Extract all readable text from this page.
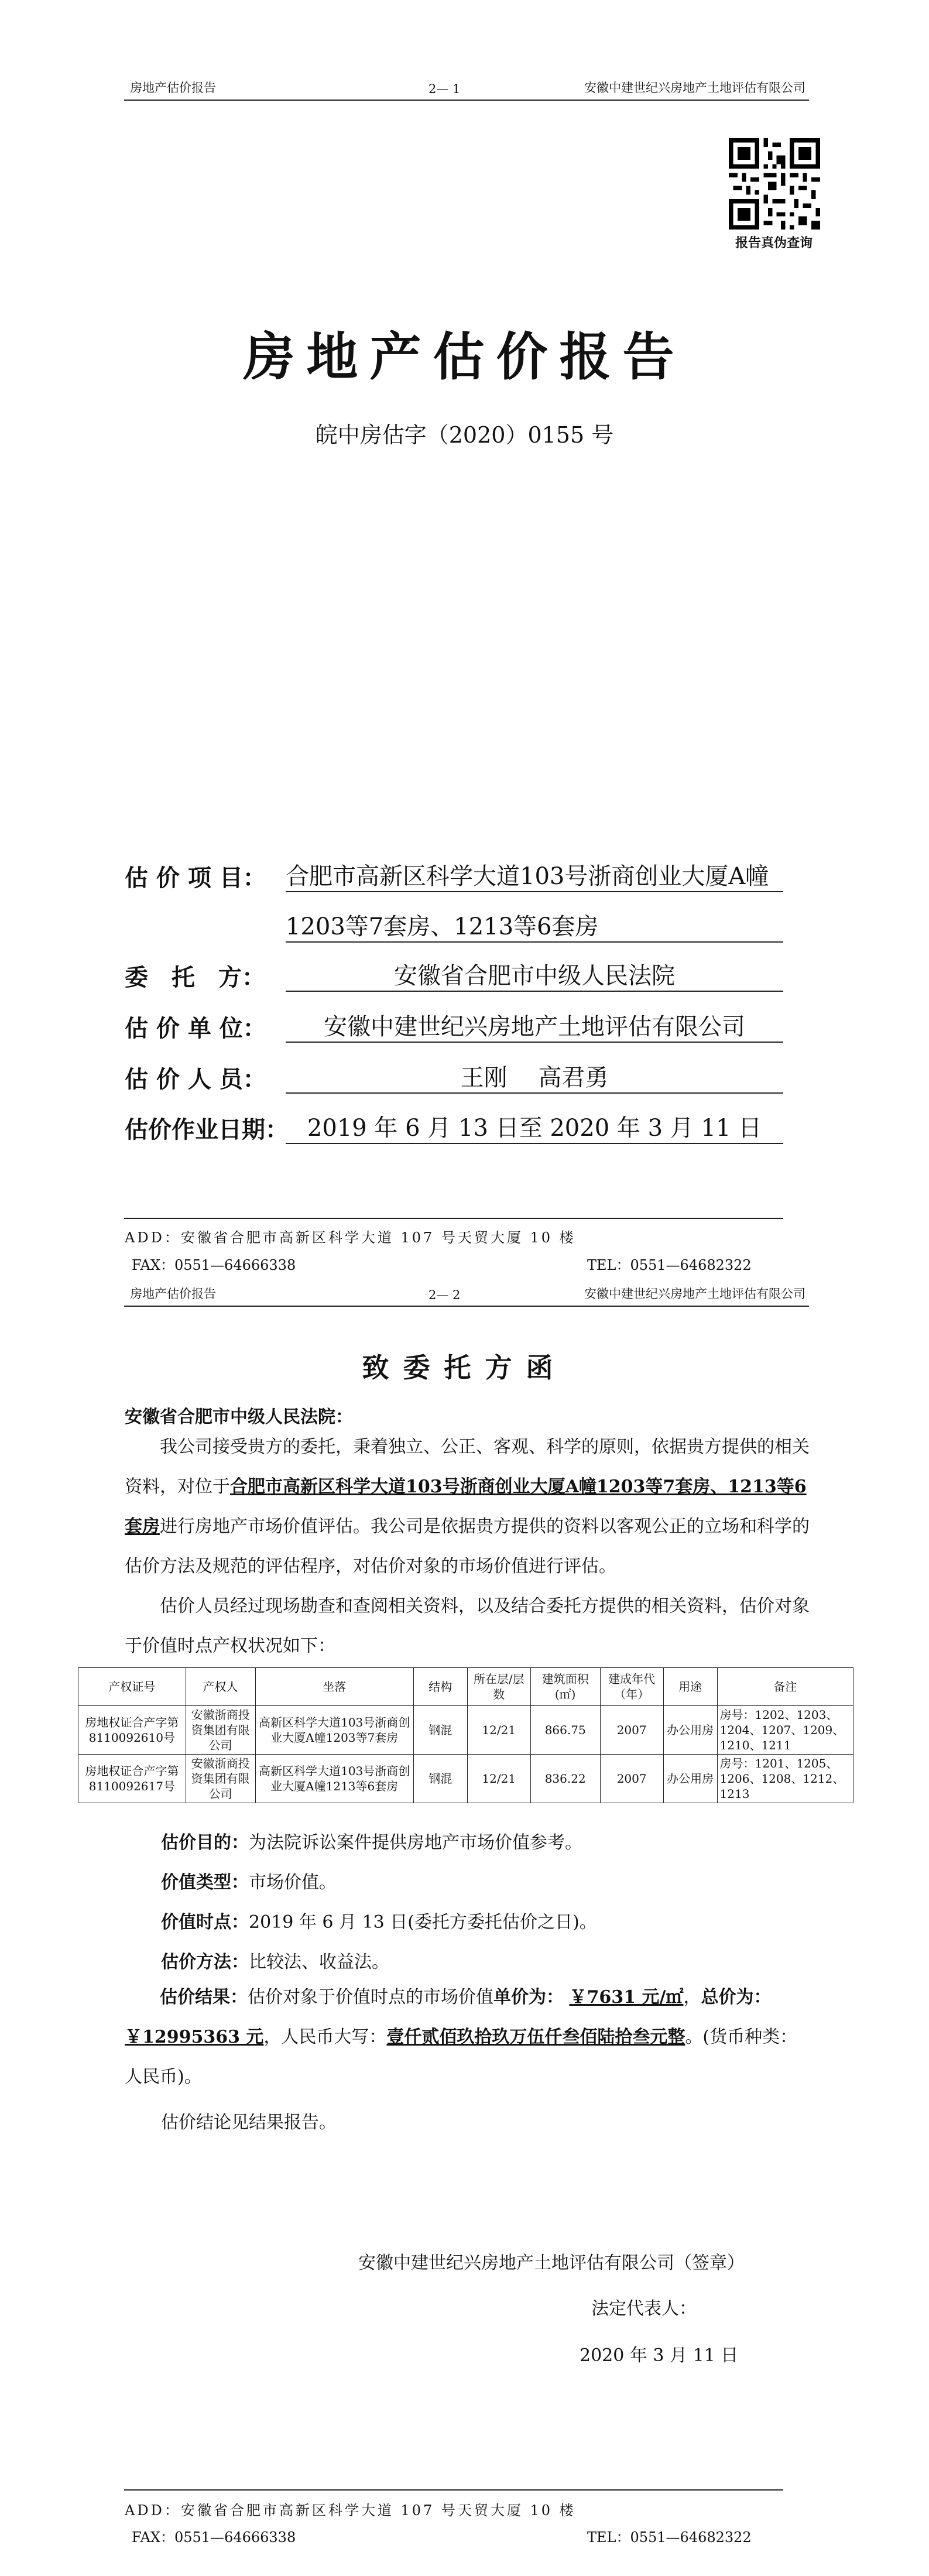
房地产估价报告	2— 1	安徽中建世纪兴房地产土地评估有限公司
报告真伪查询
房地产估价报告
皖中房估字（2020）0155 号
估 价 项 目： 合肥市高新区科学大道103号浙商创业大厦A幢
1203等7套房、1213等6套房
委　托　方：	安徽省合肥市中级人民法院
估 价 单 位：	安徽中建世纪兴房地产土地评估有限公司
估 价 人 员：	王刚　 高君勇
估价作业日期： 2019 年 6 月 13 日至 2020 年 3 月 11 日
ADD：安徽省合肥市高新区科学大道 107 号天贸大厦 10 楼
FAX：0551—64666338	TEL：0551—64682322
房地产估价报告	2— 2	安徽中建世纪兴房地产土地评估有限公司
致委托方函
安徽省合肥市中级人民法院：
我公司接受贵方的委托，秉着独立、公正、客观、科学的原则，依据贵方提供的相关资料，对位于合肥市高新区科学大道103号浙商创业大厦A幢1203等7套房、1213等6套房进行房地产市场价值评估。我公司是依据贵方提供的资料以客观公正的立场和科学的估价方法及规范的评估程序，对估价对象的市场价值进行评估。
估价人员经过现场勘查和查阅相关资料，以及结合委托方提供的相关资料，估价对象于价值时点产权状况如下：
产权证号	产权人	坐落	结构	所在层/层数	建筑面积(㎡)	建成年代（年）	用途	备注
房地权证合产字第8110092610号	安徽浙商投资集团有限公司	高新区科学大道103号浙商创业大厦A幢1203等7套房	钢混	12/21	866.75	2007	办公用房	房号：1202、1203、1204、1207、1209、1210、1211
房地权证合产字第8110092617号	安徽浙商投资集团有限公司	高新区科学大道103号浙商创业大厦A幢1213等6套房	钢混	12/21	836.22	2007	办公用房	房号：1201、1205、1206、1208、1212、1213
估价目的：为法院诉讼案件提供房地产市场价值参考。
价值类型：市场价值。
价值时点：2019 年 6 月 13 日(委托方委托估价之日)。
估价方法：比较法、收益法。
估价结果：估价对象于价值时点的市场价值单价为： ￥7631 元/㎡，总价为： ￥12995363 元，人民币大写：壹仟贰佰玖拾玖万伍仟叁佰陆拾叁元整。(货币种类：人民币)。
估价结论见结果报告。
安徽中建世纪兴房地产土地评估有限公司（签章）
法定代表人：
2020 年 3 月 11 日
ADD：安徽省合肥市高新区科学大道 107 号天贸大厦 10 楼
FAX：0551—64666338	TEL：0551—64682322
